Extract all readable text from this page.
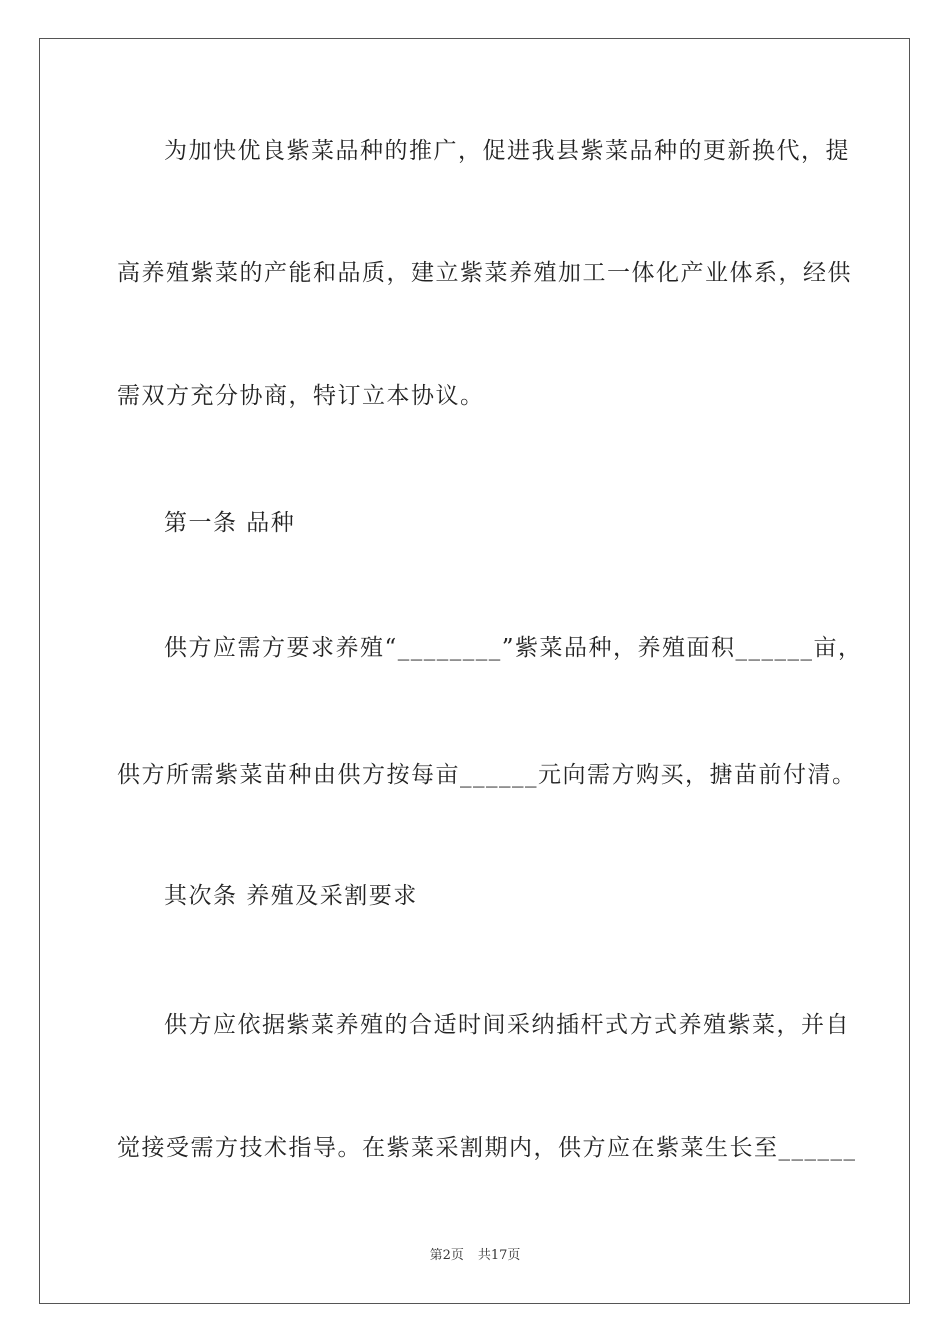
为加快优良紫菜品种的推广，促进我县紫菜品种的更新换代，提
高养殖紫菜的产能和品质，建立紫菜养殖加工一体化产业体系，经供
需双方充分协商，特订立本协议。
第一条 品种
供方应需方要求养殖“________”紫菜品种，养殖面积______亩，
供方所需紫菜苗种由供方按每亩______元向需方购买，搪苗前付清。
其次条 养殖及采割要求
供方应依据紫菜养殖的合适时间采纳插杆式方式养殖紫菜，并自
觉接受需方技术指导。在紫菜采割期内，供方应在紫菜生长至______
第2页 共17页
